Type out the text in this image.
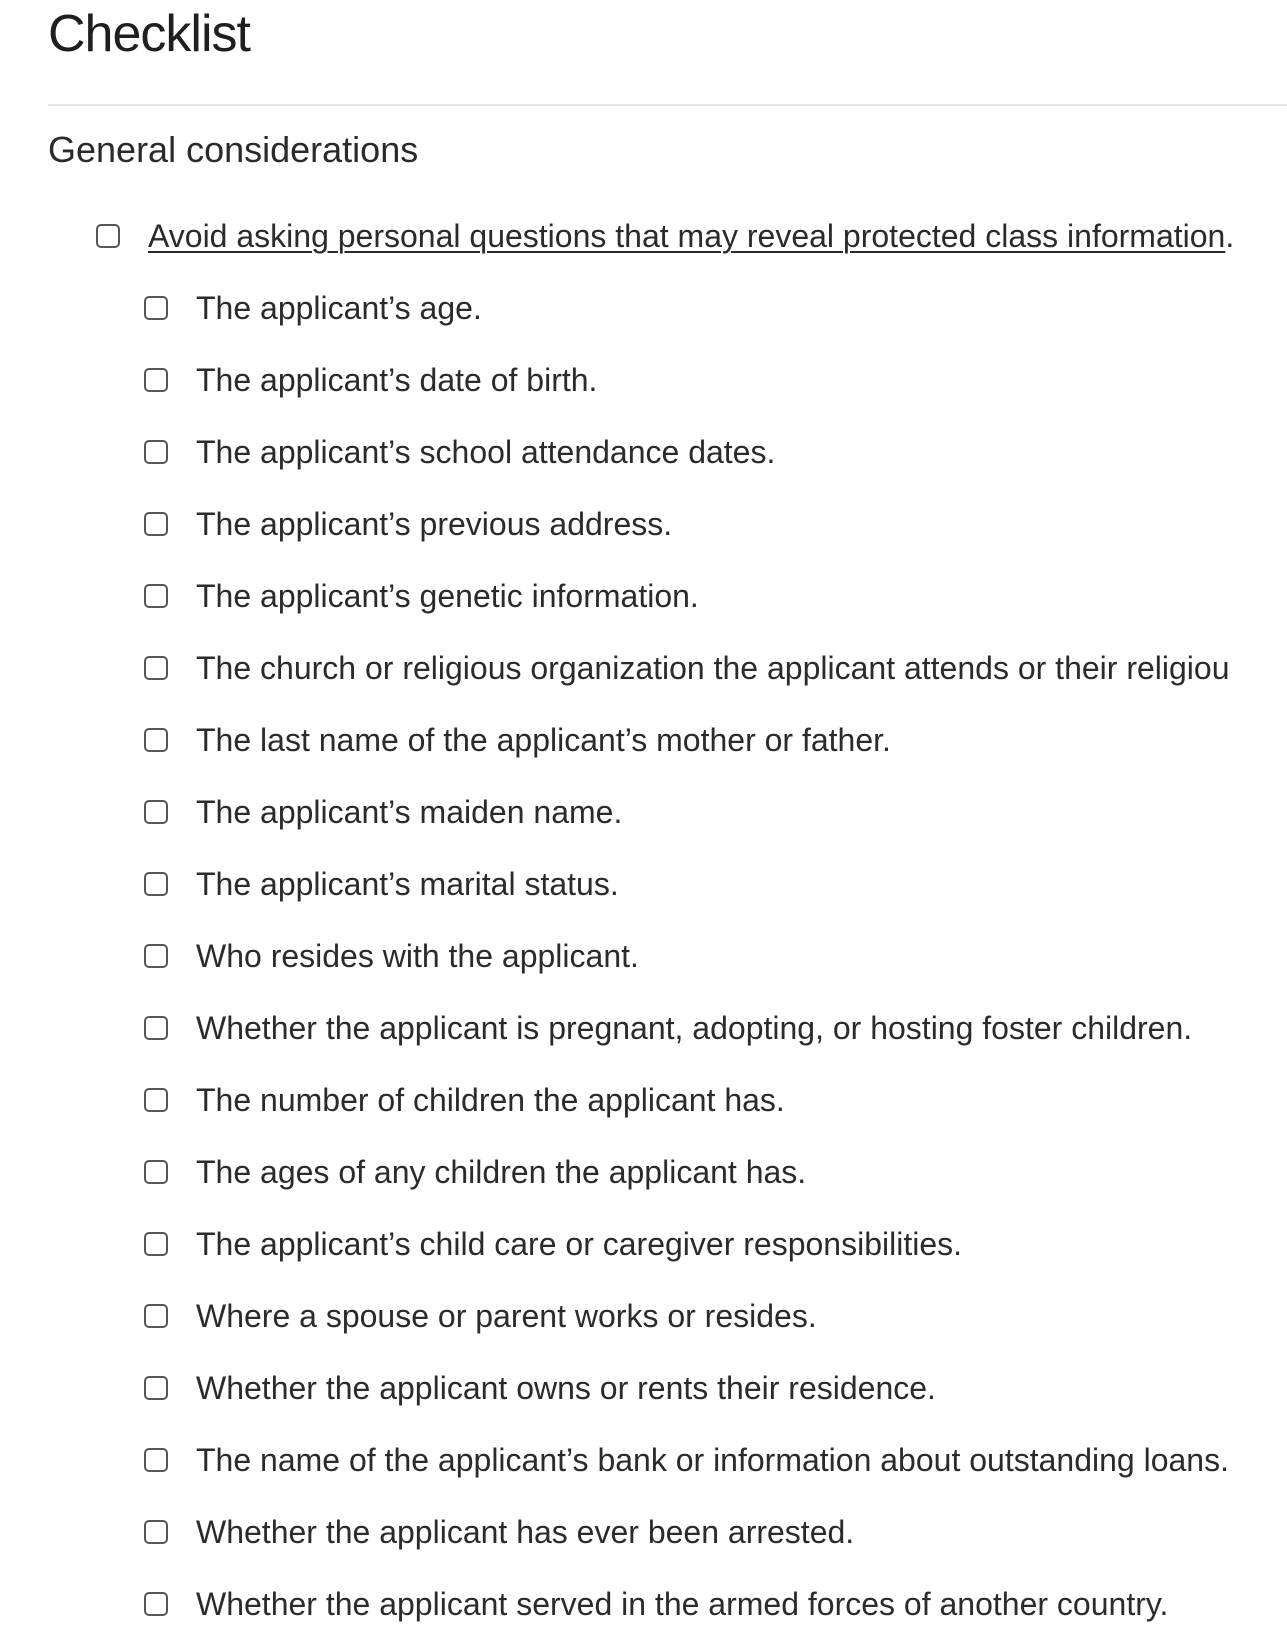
Checklist
General considerations
Avoid asking personal questions that may reveal protected class information.
The applicant’s age.
The applicant’s date of birth.
The applicant’s school attendance dates.
The applicant’s previous address.
The applicant’s genetic information.
The church or religious organization the applicant attends or their religiou
The last name of the applicant’s mother or father.
The applicant’s maiden name.
The applicant’s marital status.
Who resides with the applicant.
Whether the applicant is pregnant, adopting, or hosting foster children.
The number of children the applicant has.
The ages of any children the applicant has.
The applicant’s child care or caregiver responsibilities.
Where a spouse or parent works or resides.
Whether the applicant owns or rents their residence.
The name of the applicant’s bank or information about outstanding loans.
Whether the applicant has ever been arrested.
Whether the applicant served in the armed forces of another country.
